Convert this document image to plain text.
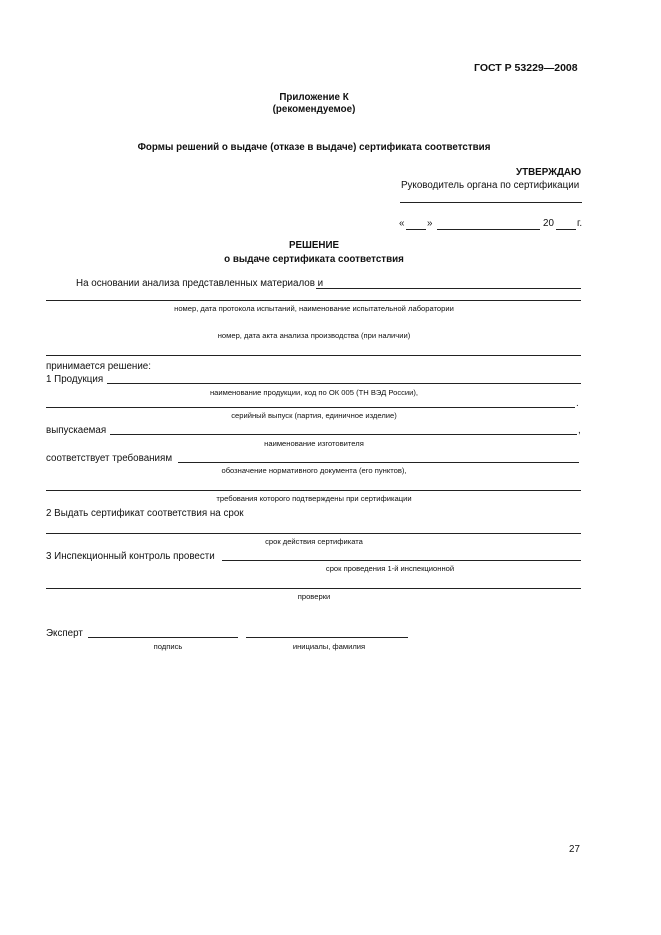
ГОСТ Р 53229—2008
Приложение К
(рекомендуемое)
Формы решений о выдаче (отказе в выдаче) сертификата соответствия
УТВЕРЖДАЮ
Руководитель органа по сертификации
« »	20 г.
РЕШЕНИЕ
о выдаче сертификата соответствия
На основании анализа представленных материалов и
номер, дата протокола испытаний, наименование испытательной лаборатории
номер, дата акта анализа производства (при наличии)
принимается решение:
1 Продукция
наименование продукции, код по ОК 005 (ТН ВЭД России),
.
серийный выпуск (партия, единичное изделие)
выпускаемая	,
наименование изготовителя
соответствует требованиям
обозначение нормативного документа (его пунктов),
требования которого подтверждены при сертификации
2 Выдать сертификат соответствия на срок
срок действия сертификата
3 Инспекционный контроль провести
срок проведения 1-й инспекционной
проверки
Эксперт
подпись	инициалы, фамилия
27
